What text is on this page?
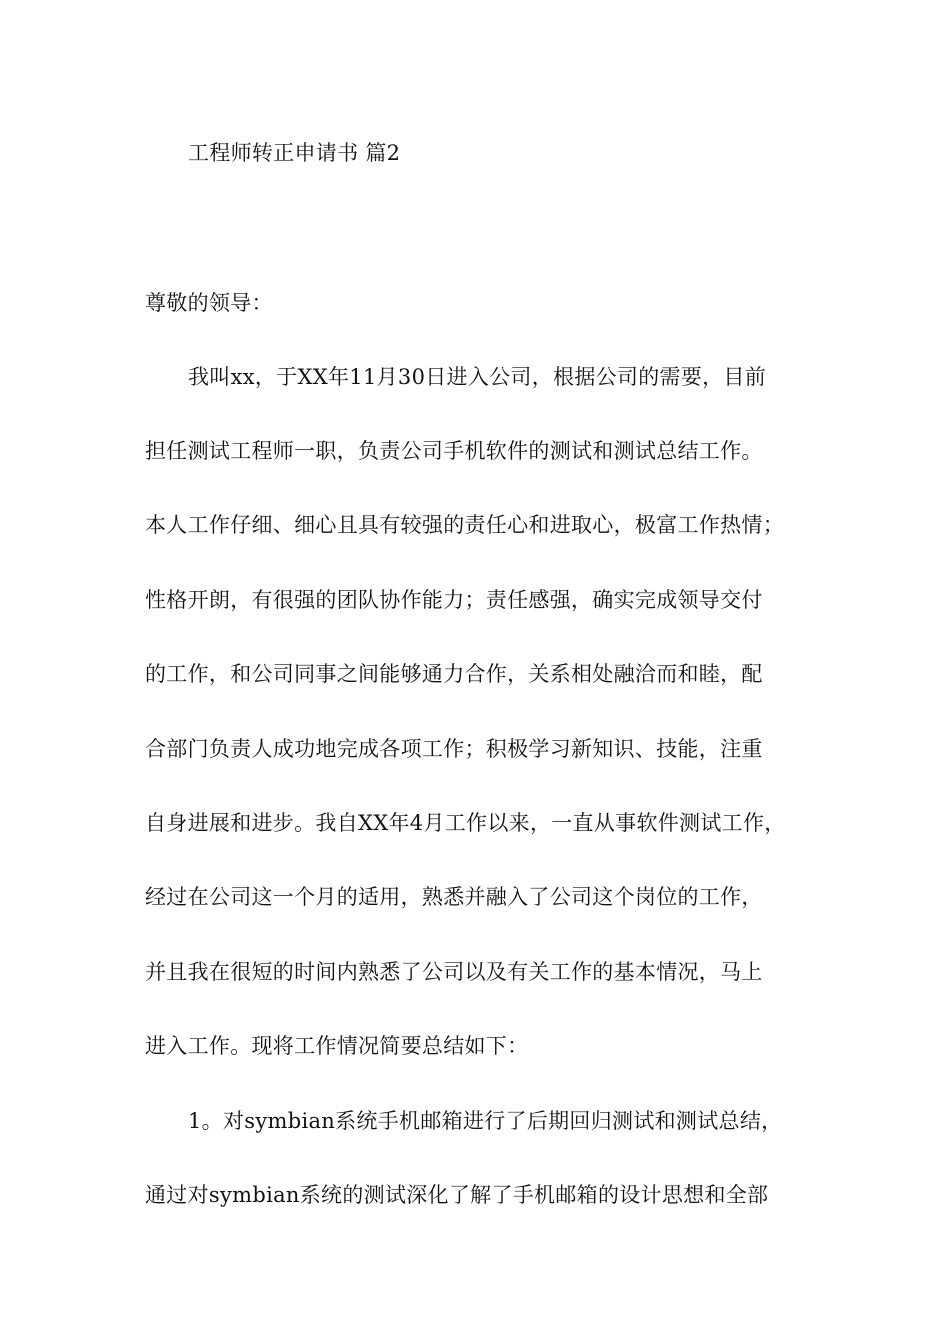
工程师转正申请书 篇2
尊敬的领导：
我叫xx，于XX年11月30日进入公司，根据公司的需要，目前
担任测试工程师一职，负责公司手机软件的测试和测试总结工作。
本人工作仔细、细心且具有较强的责任心和进取心，极富工作热情；
性格开朗，有很强的团队协作能力；责任感强，确实完成领导交付
的工作，和公司同事之间能够通力合作，关系相处融洽而和睦，配
合部门负责人成功地完成各项工作；积极学习新知识、技能，注重
自身进展和进步。我自XX年4月工作以来，一直从事软件测试工作，
经过在公司这一个月的适用，熟悉并融入了公司这个岗位的工作，
并且我在很短的时间内熟悉了公司以及有关工作的基本情况，马上
进入工作。现将工作情况简要总结如下：
1。对symbian系统手机邮箱进行了后期回归测试和测试总结，
通过对symbian系统的测试深化了解了手机邮箱的设计思想和全部
